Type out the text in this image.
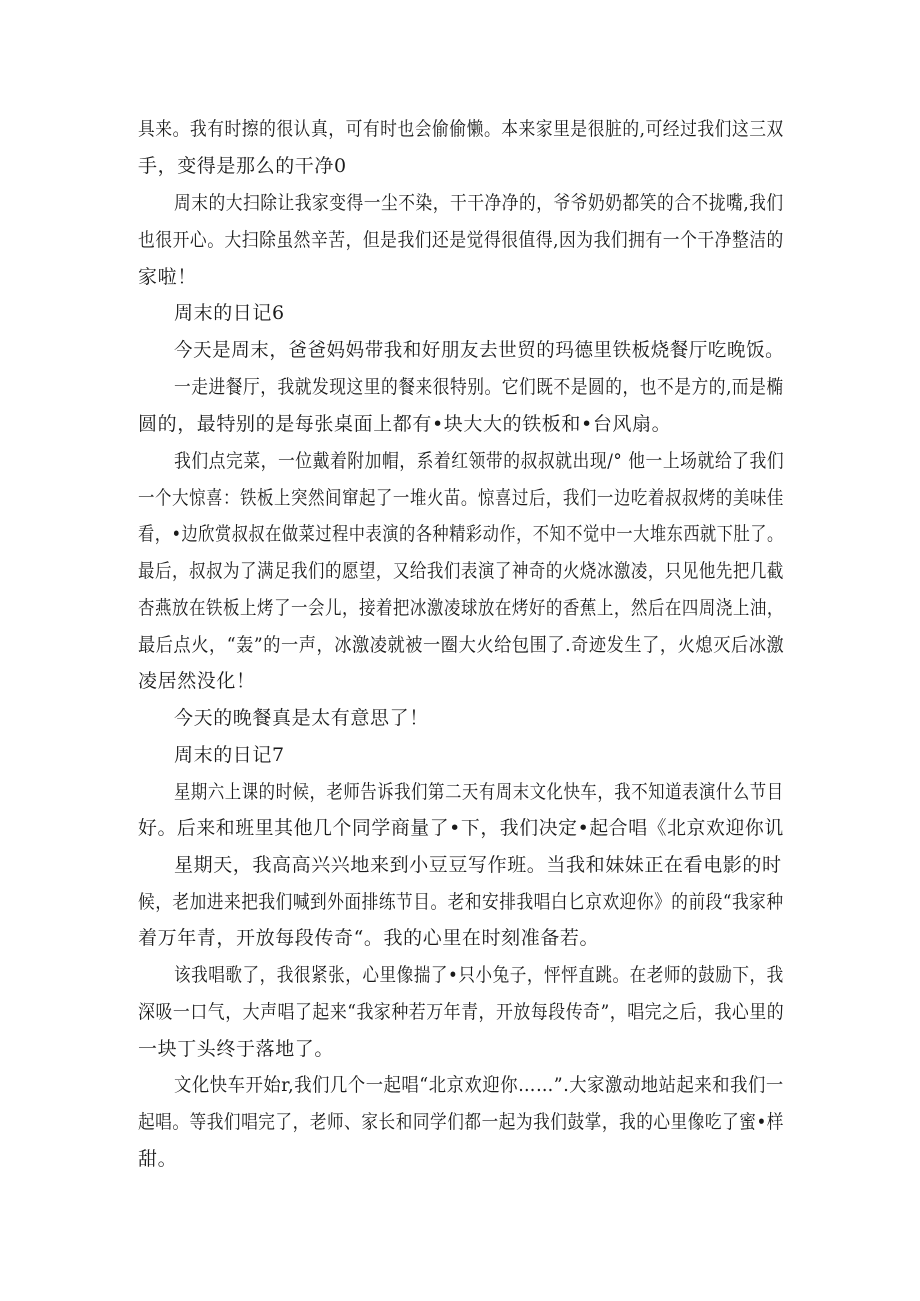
具来。我有时擦的很认真，可有时也会偷偷懒。本来家里是很脏的,可经过我们这三双
手，变得是那么的干净0
周末的大扫除让我家变得一尘不染，干干净净的，爷爷奶奶都笑的合不拢嘴,我们
也很开心。大扫除虽然辛苦，但是我们还是觉得很值得,因为我们拥有一个干净整洁的
家啦！
周末的日记6
今天是周末，爸爸妈妈带我和好朋友去世贸的玛德里铁板烧餐厅吃晚饭。
一走进餐厅，我就发现这里的餐来很特别。它们既不是圆的，也不是方的,而是椭
圆的，最特别的是每张桌面上都有•块大大的铁板和•台风扇。
我们点完菜，一位戴着附加帽，系着红领带的叔叔就出现/° 他一上场就给了我们
一个大惊喜：铁板上突然间窜起了一堆火苗。惊喜过后，我们一边吃着叔叔烤的美味佳
看，•边欣赏叔叔在做菜过程中表演的各种精彩动作，不知不觉中一大堆东西就下肚了。
最后，叔叔为了满足我们的愿望，又给我们表演了神奇的火烧冰激凌，只见他先把几截
杏燕放在铁板上烤了一会儿，接着把冰激凌球放在烤好的香蕉上，然后在四周浇上油，
最后点火，“轰”的一声，冰激凌就被一圈大火给包围了.奇迹发生了，火熄灭后冰激
凌居然没化！
今天的晚餐真是太有意思了！
周末的日记7
星期六上课的时候，老师告诉我们第二天有周末文化快车，我不知道表演什么节目
好。后来和班里其他几个同学商量了•下，我们决定•起合唱《北京欢迎你讥
星期天，我高高兴兴地来到小豆豆写作班。当我和妹妹正在看电影的时
候，老加进来把我们喊到外面排练节目。老和安排我唱白匕京欢迎你》的前段“我家种
着万年青，开放每段传奇“。我的心里在时刻准备若。
该我唱歌了，我很紧张，心里像揣了•只小兔子，怦怦直跳。在老师的鼓励下，我
深吸一口气，大声唱了起来“我家种若万年青，开放每段传奇”，唱完之后，我心里的
一块丁头终于落地了。
文化快车开始r,我们几个一起唱“北京欢迎你……”.大家激动地站起来和我们一
起唱。等我们唱完了，老师、家长和同学们都一起为我们鼓掌，我的心里像吃了蜜•样
甜。
